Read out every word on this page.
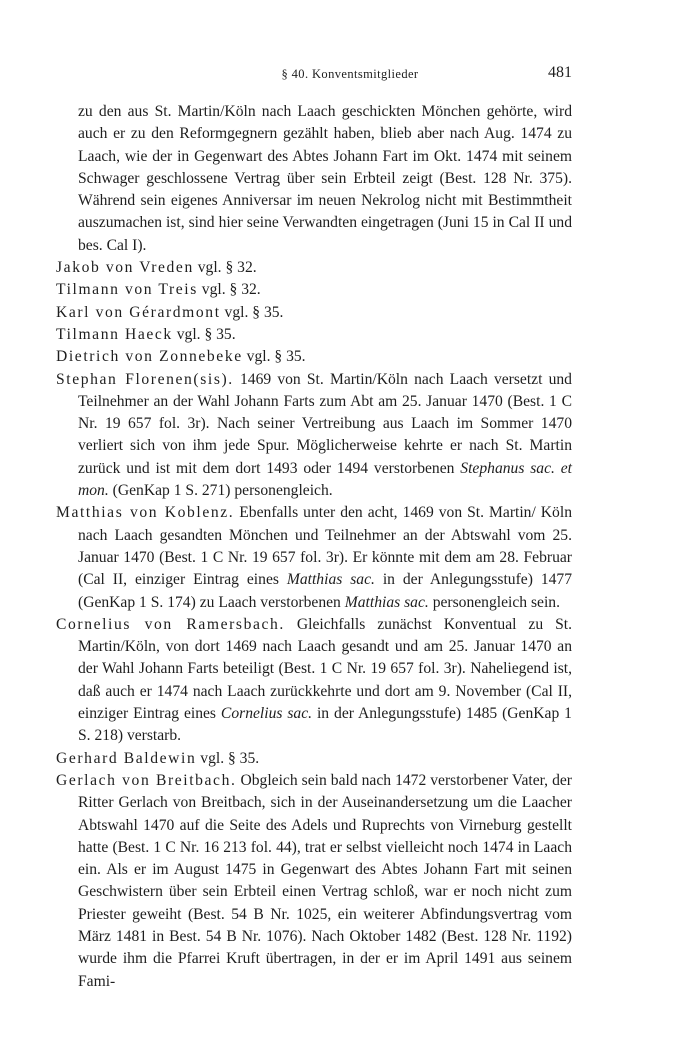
§ 40. Konventsmitglieder	481

zu den aus St. Martin/Köln nach Laach geschickten Mönchen gehörte, wird auch er zu den Reformgegnern gezählt haben, blieb aber nach Aug. 1474 zu Laach, wie der in Gegenwart des Abtes Johann Fart im Okt. 1474 mit seinem Schwager geschlossene Vertrag über sein Erbteil zeigt (Best. 128 Nr. 375). Während sein eigenes Anniversar im neuen Nekrolog nicht mit Bestimmtheit auszumachen ist, sind hier seine Verwandten eingetragen (Juni 15 in Cal II und bes. Cal I).

Jakob von Vreden vgl. § 32.

Tilmann von Treis vgl. § 32.

Karl von Gérardmont vgl. § 35.

Tilmann Haeck vgl. § 35.

Dietrich von Zonnebeke vgl. § 35.

Stephan Florenen(sis). 1469 von St. Martin/Köln nach Laach versetzt und Teilnehmer an der Wahl Johann Farts zum Abt am 25. Januar 1470 (Best. 1 C Nr. 19 657 fol. 3r). Nach seiner Vertreibung aus Laach im Sommer 1470 verliert sich von ihm jede Spur. Möglicherweise kehrte er nach St. Martin zurück und ist mit dem dort 1493 oder 1494 verstorbenen Stephanus sac. et mon. (GenKap 1 S. 271) personengleich.

Matthias von Koblenz. Ebenfalls unter den acht, 1469 von St. Martin/ Köln nach Laach gesandten Mönchen und Teilnehmer an der Abtswahl vom 25. Januar 1470 (Best. 1 C Nr. 19 657 fol. 3r). Er könnte mit dem am 28. Februar (Cal II, einziger Eintrag eines Matthias sac. in der Anlegungsstufe) 1477 (GenKap 1 S. 174) zu Laach verstorbenen Matthias sac. personengleich sein.

Cornelius von Ramersbach. Gleichfalls zunächst Konventual zu St. Martin/Köln, von dort 1469 nach Laach gesandt und am 25. Januar 1470 an der Wahl Johann Farts beteiligt (Best. 1 C Nr. 19 657 fol. 3r). Naheliegend ist, daß auch er 1474 nach Laach zurückkehrte und dort am 9. November (Cal II, einziger Eintrag eines Cornelius sac. in der Anlegungsstufe) 1485 (GenKap 1 S. 218) verstarb.

Gerhard Baldewin vgl. § 35.

Gerlach von Breitbach. Obgleich sein bald nach 1472 verstorbener Vater, der Ritter Gerlach von Breitbach, sich in der Auseinandersetzung um die Laacher Abtswahl 1470 auf die Seite des Adels und Ruprechts von Virneburg gestellt hatte (Best. 1 C Nr. 16 213 fol. 44), trat er selbst vielleicht noch 1474 in Laach ein. Als er im August 1475 in Gegenwart des Abtes Johann Fart mit seinen Geschwistern über sein Erbteil einen Vertrag schloß, war er noch nicht zum Priester geweiht (Best. 54 B Nr. 1025, ein weiterer Abfindungsvertrag vom März 1481 in Best. 54 B Nr. 1076). Nach Oktober 1482 (Best. 128 Nr. 1192) wurde ihm die Pfarrei Kruft übertragen, in der er im April 1491 aus seinem Fami-
